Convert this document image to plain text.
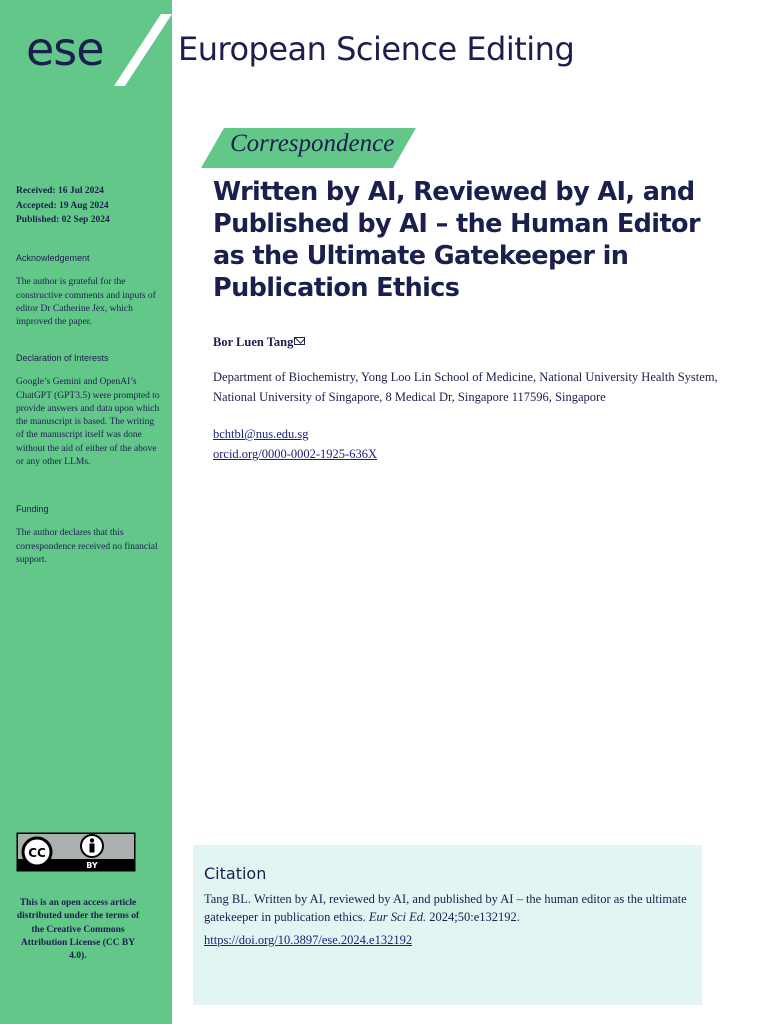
ese
Received: 16 Jul 2024
Accepted: 19 Aug 2024
Published: 02 Sep 2024
Acknowledgement
The author is grateful for the constructive comments and inputs of editor Dr Catherine Jex, which improved the paper.
Declaration of Interests
Google’s Gemini and OpenAI’s ChatGPT (GPT3.5) were prompted to provide answers and data upon which the manuscript is based. The writing of the manuscript itself was done without the aid of either of the above or any other LLMs.
Funding
The author declares that this correspondence received no financial support.
CC
BY
This is an open access article distributed under the terms of the Creative Commons Attribution License (CC BY 4.0).
European Science Editing
Correspondence
Written by AI, Reviewed by AI, and Published by AI – the Human Editor as the Ultimate Gatekeeper in Publication Ethics
Bor Luen Tang
Department of Biochemistry, Yong Loo Lin School of Medicine, National University Health System, National University of Singapore, 8 Medical Dr, Singapore 117596, Singapore
bchtbl@nus.edu.sg
orcid.org/0000-0002-1925-636X
Citation
Tang BL. Written by AI, reviewed by AI, and published by AI – the human editor as the ultimate gatekeeper in publication ethics. Eur Sci Ed. 2024;50:e132192.
https://doi.org/10.3897/ese.2024.e132192
